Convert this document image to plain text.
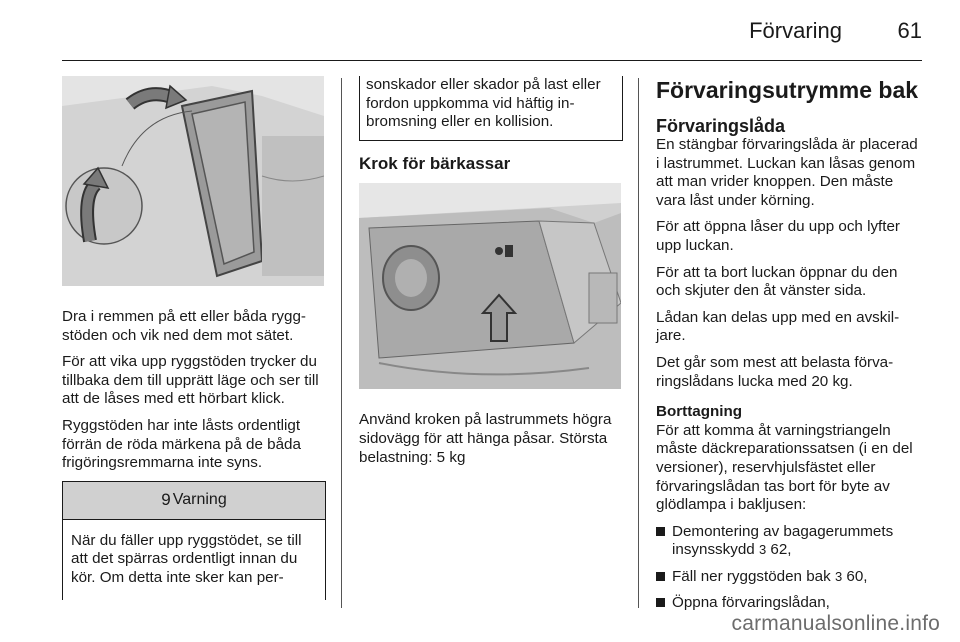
Förvaring	61

Dra i remmen på ett eller båda ryggstöden och vik ned dem mot sätet.

För att vika upp ryggstöden trycker du tillbaka dem till upprätt läge och ser till att de låses med ett hörbart klick.

Ryggstöden har inte låsts ordentligt förrän de röda märkena på de båda frigöringsremmarna inte syns.

9 Varning
När du fäller upp ryggstödet, se till att det spärras ordentligt innan du kör. Om detta inte sker kan per-
sonskador eller skador på last eller fordon uppkomma vid häftig inbromsning eller en kollision.
Krok för bärkassar

Använd kroken på lastrummets högra sidovägg för att hänga påsar. Största belastning: 5 kg

Förvaringsutrymme bak
Förvaringslåda

En stängbar förvaringslåda är placerad i lastrummet. Luckan kan låsas genom att man vrider knoppen. Den måste vara låst under körning.

För att öppna låser du upp och lyfter upp luckan.

För att ta bort luckan öppnar du den och skjuter den åt vänster sida.

Lådan kan delas upp med en avskiljare.

Det går som mest att belasta förvaringslådans lucka med 20 kg.

Borttagning

För att komma åt varningstriangeln måste däckreparationssatsen (i en del versioner), reservhjulsfästet eller förvaringslådan tas bort för byte av glödlampa i bakljusen:

Demontering av bagagerummets insynsskydd 3 62,
Fäll ner ryggstöden bak 3 60,
Öppna förvaringslådan,
carmanualsonline.info
